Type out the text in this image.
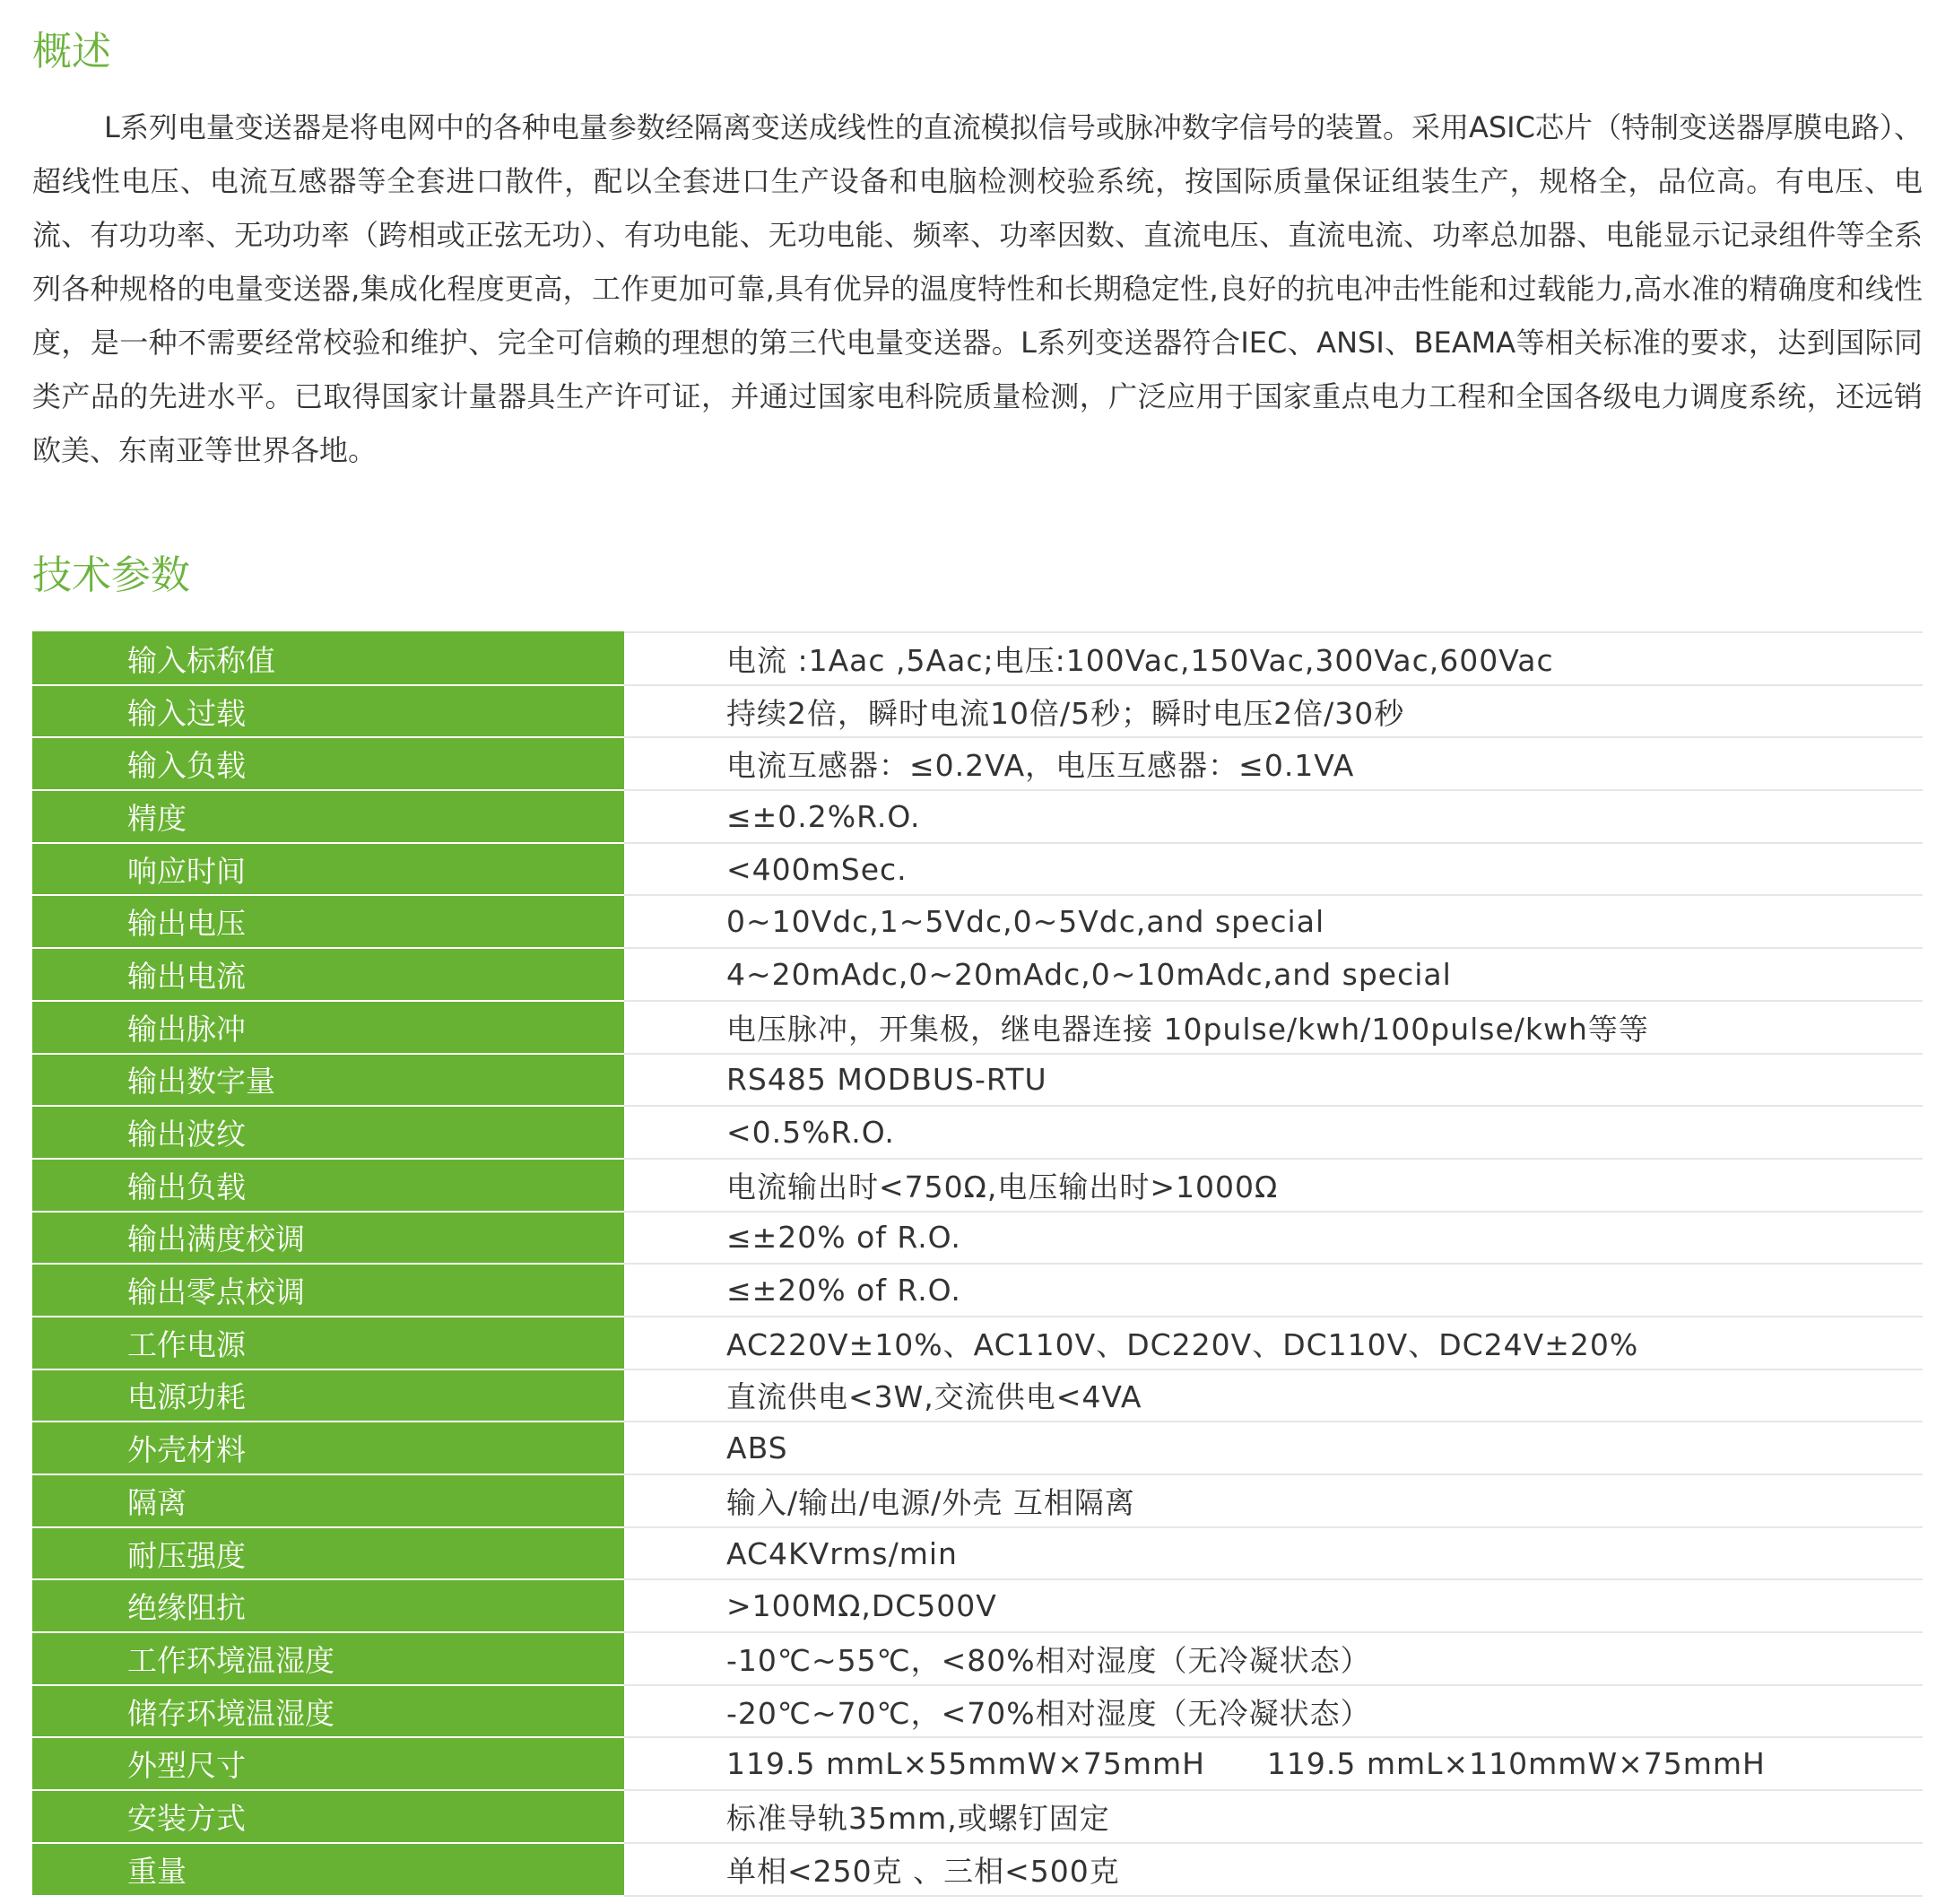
概述

L系列电量变送器是将电网中的各种电量参数经隔离变送成线性的直流模拟信号或脉冲数字信号的装置。采用ASIC芯片（特制变送器厚膜电路）、超线性电压、电流互感器等全套进口散件，配以全套进口生产设备和电脑检测校验系统，按国际质量保证组装生产，规格全，品位高。有电压、电流、有功功率、无功功率（跨相或正弦无功）、有功电能、无功电能、频率、功率因数、直流电压、直流电流、功率总加器、电能显示记录组件等全系列各种规格的电量变送器,集成化程度更高，工作更加可靠,具有优异的温度特性和长期稳定性,良好的抗电冲击性能和过载能力,高水准的精确度和线性度，是一种不需要经常校验和维护、完全可信赖的理想的第三代电量变送器。L系列变送器符合IEC、ANSI、BEAMA等相关标准的要求，达到国际同类产品的先进水平。已取得国家计量器具生产许可证，并通过国家电科院质量检测，广泛应用于国家重点电力工程和全国各级电力调度系统，还远销欧美、东南亚等世界各地。

技术参数
输入标称值	电流 :1Aac ,5Aac;电压:100Vac,150Vac,300Vac,600Vac
输入过载	持续2倍，瞬时电流10倍/5秒；瞬时电压2倍/30秒
输入负载	电流互感器：≤0.2VA，电压互感器：≤0.1VA
精度	≤±0.2%R.O.
响应时间	<400mSec.
输出电压	0~10Vdc,1~5Vdc,0~5Vdc,and special
输出电流	4~20mAdc,0~20mAdc,0~10mAdc,and special
输出脉冲	电压脉冲，开集极，继电器连接 10pulse/kwh/100pulse/kwh等等
输出数字量	RS485 MODBUS-RTU
输出波纹	<0.5%R.O.
输出负载	电流输出时<750Ω,电压输出时>1000Ω
输出满度校调	≤±20% of R.O.
输出零点校调	≤±20% of R.O.
工作电源	AC220V±10%、AC110V、DC220V、DC110V、DC24V±20%
电源功耗	直流供电<3W,交流供电<4VA
外壳材料	ABS
隔离	输入/输出/电源/外壳 互相隔离
耐压强度	AC4KVrms/min
绝缘阻抗	>100MΩ,DC500V
工作环境温湿度	-10℃~55℃，<80%相对湿度（无冷凝状态）
储存环境温湿度	-20℃~70℃，<70%相对湿度（无冷凝状态）
外型尺寸	119.5 mmL×55mmW×75mmH      119.5 mmL×110mmW×75mmH
安装方式	标准导轨35mm,或螺钉固定
重量	单相<250克 、三相<500克
